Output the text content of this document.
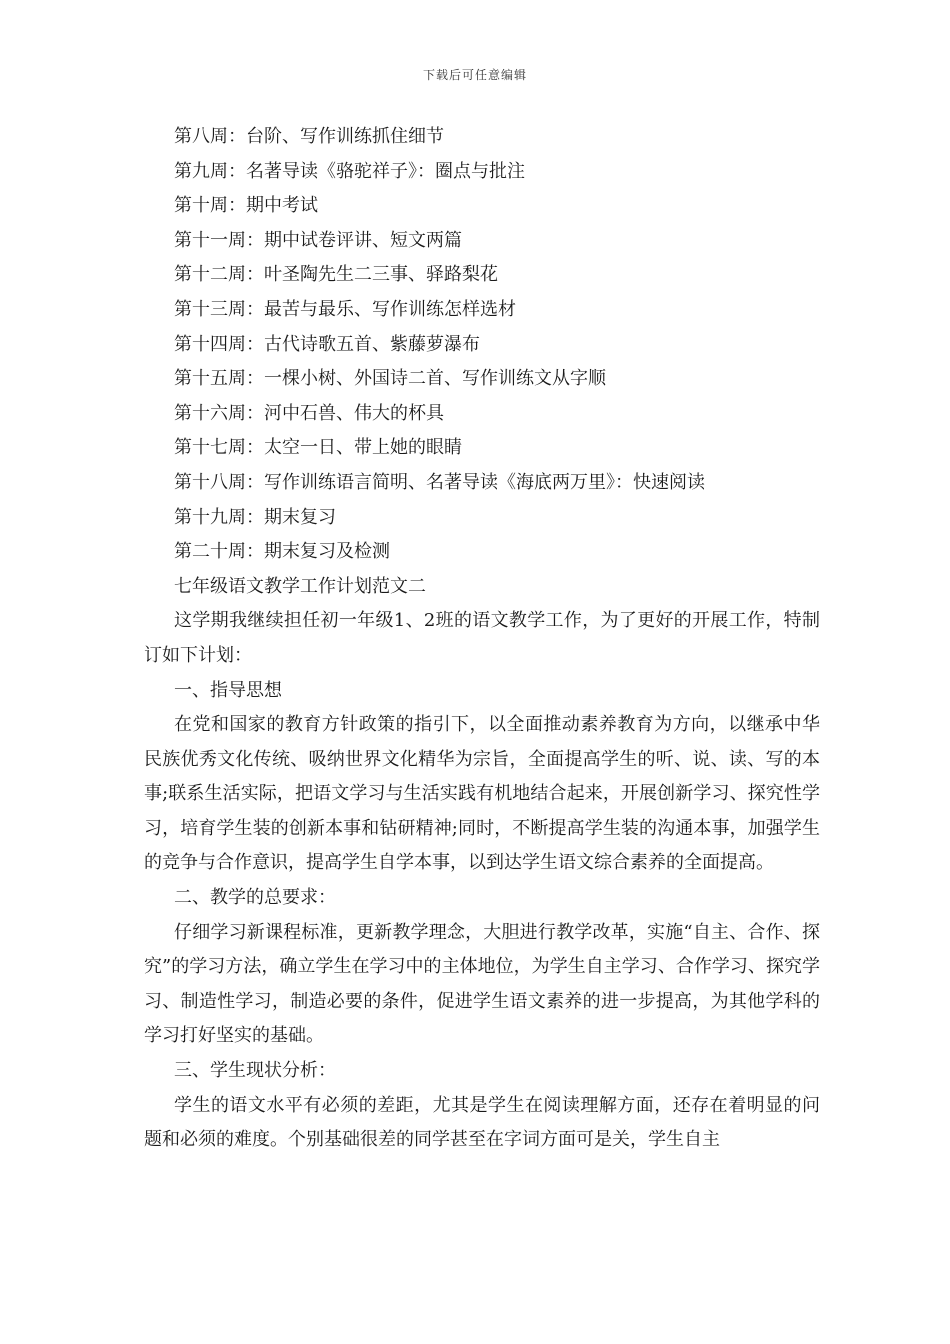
下载后可任意编辑

第八周：台阶、写作训练抓住细节

第九周：名著导读《骆驼祥子》：圈点与批注

第十周：期中考试

第十一周：期中试卷评讲、短文两篇

第十二周：叶圣陶先生二三事、驿路梨花

第十三周：最苦与最乐、写作训练怎样选材

第十四周：古代诗歌五首、紫藤萝瀑布

第十五周：一棵小树、外国诗二首、写作训练文从字顺

第十六周：河中石兽、伟大的杯具

第十七周：太空一日、带上她的眼睛

第十八周：写作训练语言简明、名著导读《海底两万里》：快速阅读

第十九周：期末复习

第二十周：期末复习及检测

七年级语文教学工作计划范文二

这学期我继续担任初一年级1、2班的语文教学工作，为了更好的开展工作，特制订如下计划：

一、指导思想

在党和国家的教育方针政策的指引下，以全面推动素养教育为方向，以继承中华民族优秀文化传统、吸纳世界文化精华为宗旨，全面提高学生的听、说、读、写的本事;联系生活实际，把语文学习与生活实践有机地结合起来，开展创新学习、探究性学习，培育学生装的创新本事和钻研精神;同时，不断提高学生装的沟通本事，加强学生的竞争与合作意识，提高学生自学本事，以到达学生语文综合素养的全面提高。

二、教学的总要求：

仔细学习新课程标准，更新教学理念，大胆进行教学改革，实施“自主、合作、探究”的学习方法，确立学生在学习中的主体地位，为学生自主学习、合作学习、探究学习、制造性学习，制造必要的条件，促进学生语文素养的进一步提高，为其他学科的学习打好坚实的基础。

三、学生现状分析：

学生的语文水平有必须的差距，尤其是学生在阅读理解方面，还存在着明显的问题和必须的难度。个别基础很差的同学甚至在字词方面可是关，学生自主
